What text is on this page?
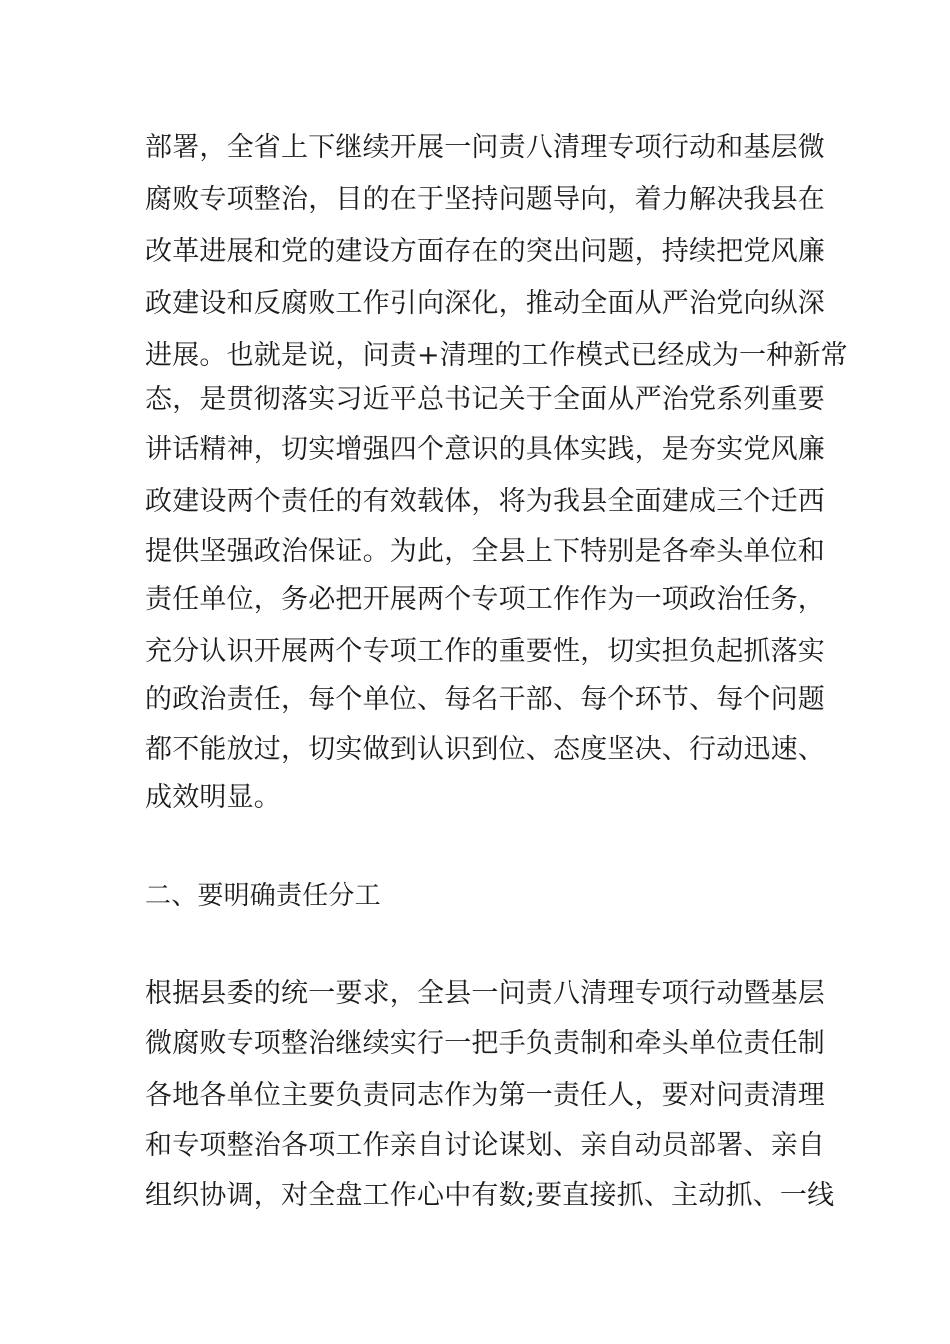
部署，全省上下继续开展一问责八清理专项行动和基层微
腐败专项整治，目的在于坚持问题导向，着力解决我县在
改革进展和党的建设方面存在的突出问题，持续把党风廉
政建设和反腐败工作引向深化，推动全面从严治党向纵深
进展。也就是说，问责+清理的工作模式已经成为一种新常
态，是贯彻落实习近平总书记关于全面从严治党系列重要
讲话精神，切实增强四个意识的具体实践，是夯实党风廉
政建设两个责任的有效载体，将为我县全面建成三个迁西
提供坚强政治保证。为此，全县上下特别是各牵头单位和
责任单位，务必把开展两个专项工作作为一项政治任务，
充分认识开展两个专项工作的重要性，切实担负起抓落实
的政治责任，每个单位、每名干部、每个环节、每个问题
都不能放过，切实做到认识到位、态度坚决、行动迅速、
成效明显。
二、要明确责任分工
根据县委的统一要求，全县一问责八清理专项行动暨基层
微腐败专项整治继续实行一把手负责制和牵头单位责任制
各地各单位主要负责同志作为第一责任人，要对问责清理
和专项整治各项工作亲自讨论谋划、亲自动员部署、亲自
组织协调，对全盘工作心中有数;要直接抓、主动抓、一线
